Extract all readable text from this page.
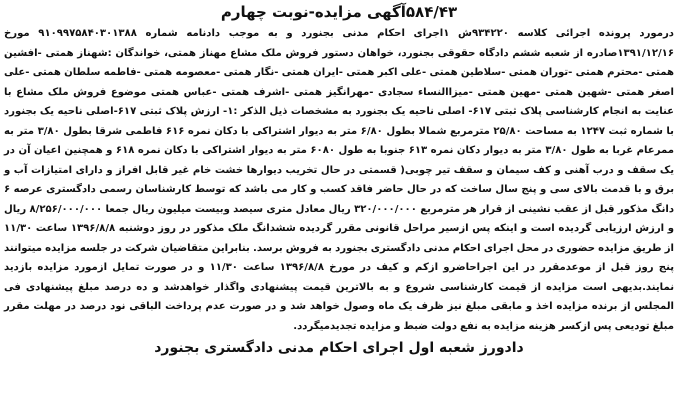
۵۸۴/۴۳آگهی مزایده-نوبت چهارم

درمورد پرونده اجرائی کلاسه ۹۳۴۲۲۰ش ۱اجرای احکام مدنی بجنورد و به موجب دادنامه شماره ۹۱۰۹۹۷۵۸۴۰۳۰۱۳۸۸ مورخ ۱۳۹۱/۱۲/۱۶صادره از شعبه ششم دادگاه حقوقی بجنورد، خواهان دستور فروش ملک مشاع مهناز همتی، خواندگان :شهناز همتی -افشین همتی -محترم همتی -توران همتی -سلاطین همتی -علی اکبر همتی -ایران همتی -نگار همتی -معصومه همتی -فاطمه سلطان همتی -علی اصغر همتی -شهین همتی -مهین همتی -میزاالنساء سجادی -مهرانگیز همتی -اشرف همتی -عباس همتی موضوع فروش ملک مشاع با عنایت به انجام کارشناسی پلاک ثبتی ۶۱۷- اصلی ناحیه یک بجنورد به مشخصات ذیل الذکر :۱- ارزش پلاک ثبتی ۶۱۷-اصلی ناحیه یک بجنورد با شماره ثبت ۱۲۴۷ به مساحت ۲۵/۸۰ مترمربع شمالا بطول ۶/۸۰ متر به دیوار اشتراکی با دکان نمره ۶۱۶ فاطمی شرقا بطول ۳/۸۰ متر به ممرعام غربا به طول ۳/۸۰ متر به دیوار دکان نمره ۶۱۳ جنوبا به طول ۶۰۸۰ متر به دیوار اشتراکی با دکان نمره ۶۱۸ و همچنین اعیان آن در یک سقف و درب آهنی و کف سیمان و سقف تیر چوبی( قسمتی در حال تخریب دیوارها خشت خام غیر قابل افراز و دارای امتیازات آب و برق و با قدمت بالای سی و پنج سال ساخت که در حال حاضر فاقد کسب و کار می باشد که توسط کارشناسان رسمی دادگستری عرصه ۶ دانگ مذکور قبل از عقب نشینی از قرار هر مترمربع ۳۲۰/۰۰۰/۰۰۰ ریال معادل متری سیصد وبیست میلیون ریال جمعا ۸/۲۵۶/۰۰۰/۰۰۰ ریال و ارزش ارزیابی گردیده است و اینکه پس ازسیر مراحل قانونی مقرر گردیده ششدانگ ملک مذکور در روز دوشنبه ۱۳۹۶/۸/۸ ساعت ۱۱/۳۰ از طریق مزایده حضوری در محل اجرای احکام مدنی دادگستری بجنورد به فروش برسد. بنابراین متقاضیان شرکت در جلسه مزایده میتوانند پنج روز قبل از موعدمقرر در این اجراحاضرو ازکم و کیف در مورخ ۱۳۹۶/۸/۸ ساعت ۱۱/۳۰ و در صورت تمایل ازمورد مزایده بازدید نمایند.بدیهی است مزایده از قیمت کارشناسی شروع و به بالاترین قیمت پیشنهادی واگذار خواهدشد و ده درصد مبلغ پیشنهادی فی المجلس از برنده مزایده اخذ و مابقی مبلغ نیز ظرف یک ماه وصول خواهد شد و در صورت عدم پرداخت الباقی نود درصد در مهلت مقرر مبلغ تودیعی پس ازکسر هزینه مزایده به نفع دولت ضبط و مزایده تجدیدمیگردد.

دادورز شعبه اول اجرای احکام مدنی دادگستری بجنورد
